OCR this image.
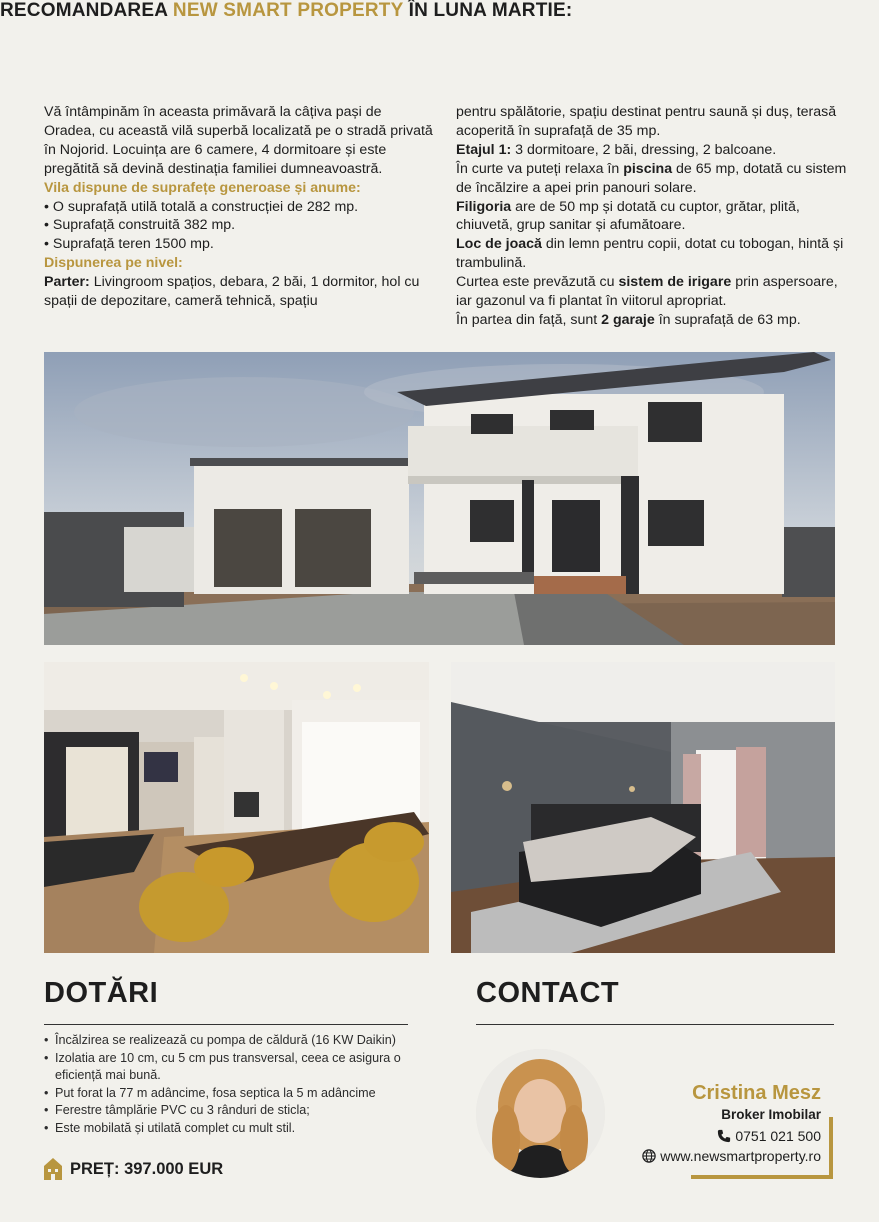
RECOMANDAREA NEW SMART PROPERTY ÎN LUNA MARTIE:

Vă întâmpinăm în aceasta primăvară la câțiva pași de Oradea, cu această vilă superbă localizată pe o stradă privată în Nojorid. Locuința are 6 camere, 4 dormitoare și este pregătită să devină destinația familiei dumneavoastră.

Vila dispune de suprafețe generoase și anume:

• O suprafață utilă totală a construcției de 282 mp.
• Suprafață construită 382 mp.
• Suprafață teren 1500 mp.

Dispunerea pe nivel:

Parter: Livingroom spațios, debara, 2 băi, 1 dormitor, hol cu spații de depozitare, cameră tehnică, spațiu

pentru spălătorie, spațiu destinat pentru saună și duș, terasă acoperită în suprafață de 35 mp.

Etajul 1: 3 dormitoare, 2 băi, dressing, 2 balcoane.

În curte va puteți relaxa în piscina de 65 mp, dotată cu sistem de încălzire a apei prin panouri solare.

Filigoria are de 50 mp și dotată cu cuptor, grătar, plită, chiuvetă, grup sanitar și afumătoare.

Loc de joacă din lemn pentru copii, dotat cu tobogan, hintă și trambulină.

Curtea este prevăzută cu sistem de irigare prin aspersoare, iar gazonul va fi plantat în viitorul apropriat.

În partea din față, sunt 2 garaje în suprafață de 63 mp.

DOTĂRI
• Încălzirea se realizează cu pompa de căldură (16 KW Daikin)
• Izolatia are 10 cm, cu 5 cm pus transversal, ceea ce asigura o eficiență mai bună.
• Put forat la 77 m adâncime, fosa septica la 5 m adâncime
• Ferestre tâmplărie PVC cu 3 rânduri de sticla;
• Este mobilată și utilată complet cu mult stil.
PREȚ: 397.000 EUR
CONTACT
Cristina Mesz
Broker Imobilar
0751 021 500
www.newsmartproperty.ro
